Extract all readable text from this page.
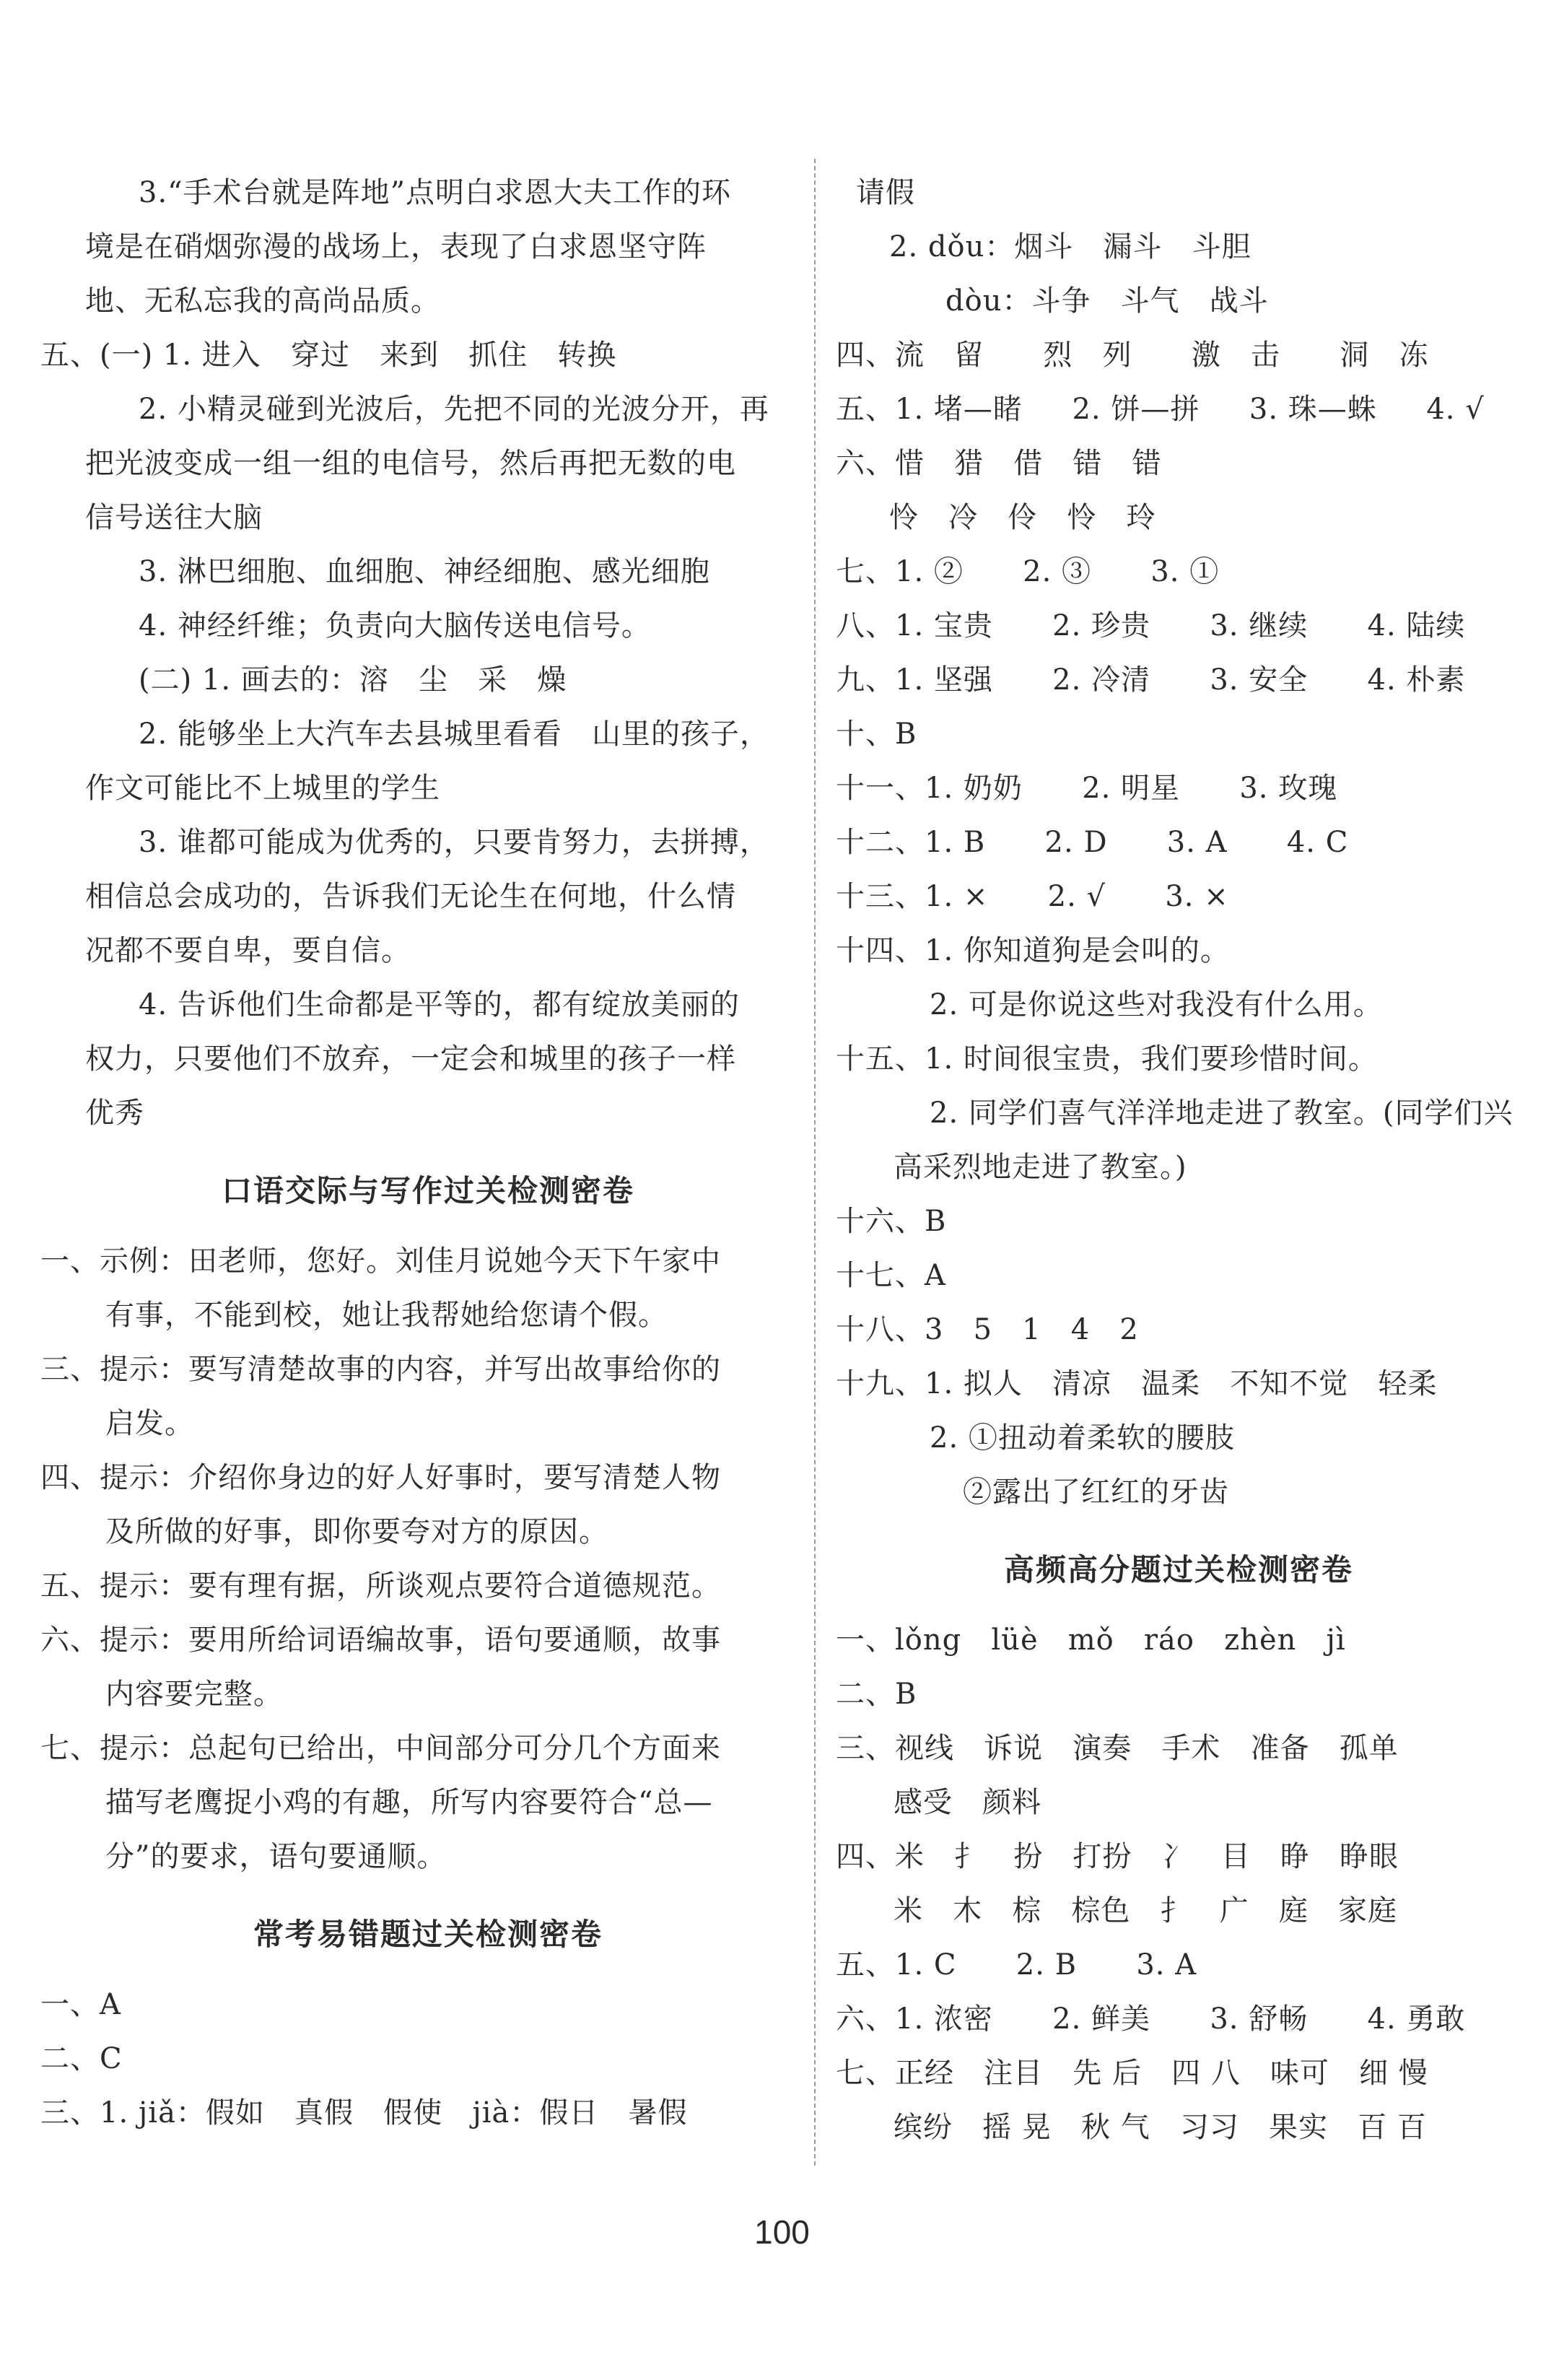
3.“手术台就是阵地”点明白求恩大夫工作的环
境是在硝烟弥漫的战场上，表现了白求恩坚守阵
地、无私忘我的高尚品质。
五、(一) 1. 进入   穿过   来到   抓住   转换
2. 小精灵碰到光波后，先把不同的光波分开，再
把光波变成一组一组的电信号，然后再把无数的电
信号送往大脑
3. 淋巴细胞、血细胞、神经细胞、感光细胞
4. 神经纤维；负责向大脑传送电信号。
(二) 1. 画去的：溶   尘   采   燥
2. 能够坐上大汽车去县城里看看   山里的孩子，
作文可能比不上城里的学生
3. 谁都可能成为优秀的，只要肯努力，去拼搏，
相信总会成功的，告诉我们无论生在何地，什么情
况都不要自卑，要自信。
4. 告诉他们生命都是平等的，都有绽放美丽的
权力，只要他们不放弃，一定会和城里的孩子一样
优秀
口语交际与写作过关检测密卷
一、示例：田老师，您好。刘佳月说她今天下午家中
有事，不能到校，她让我帮她给您请个假。
三、提示：要写清楚故事的内容，并写出故事给你的
启发。
四、提示：介绍你身边的好人好事时，要写清楚人物
及所做的好事，即你要夸对方的原因。
五、提示：要有理有据，所谈观点要符合道德规范。
六、提示：要用所给词语编故事，语句要通顺，故事
内容要完整。
七、提示：总起句已给出，中间部分可分几个方面来
描写老鹰捉小鸡的有趣，所写内容要符合“总—
分”的要求，语句要通顺。
常考易错题过关检测密卷
一、A
二、C
三、1. jiǎ：假如   真假   假使   jià：假日   暑假
请假
2. dǒu：烟斗   漏斗   斗胆
dòu：斗争   斗气   战斗
四、流   留      烈   列      激   击      洞   冻
五、1. 堵—睹     2. 饼—拼     3. 珠—蛛     4. √
六、惜   猎   借   错   错
怜   冷   伶   怜   玲
七、1. ②      2. ③      3. ①
八、1. 宝贵      2. 珍贵      3. 继续      4. 陆续
九、1. 坚强      2. 冷清      3. 安全      4. 朴素
十、B
十一、1. 奶奶      2. 明星      3. 玫瑰
十二、1. B      2. D      3. A      4. C
十三、1. ×      2. √      3. ×
十四、1. 你知道狗是会叫的。
2. 可是你说这些对我没有什么用。
十五、1. 时间很宝贵，我们要珍惜时间。
2. 同学们喜气洋洋地走进了教室。(同学们兴
高采烈地走进了教室。)
十六、B
十七、A
十八、3   5   1   4   2
十九、1. 拟人   清凉   温柔   不知不觉   轻柔
2. ①扭动着柔软的腰肢
②露出了红红的牙齿
高频高分题过关检测密卷
一、lǒng   lüè   mǒ   ráo   zhèn   jì
二、B
三、视线   诉说   演奏   手术   准备   孤单
感受   颜料
四、米   扌   扮   打扮   冫   目   睁   睁眼
米   木   棕   棕色   扌   广   庭   家庭
五、1. C      2. B      3. A
六、1. 浓密      2. 鲜美      3. 舒畅      4. 勇敢
七、正经   注目   先 后   四 八   味可   细 慢
缤纷   摇 晃   秋 气   习习   果实   百 百
100
